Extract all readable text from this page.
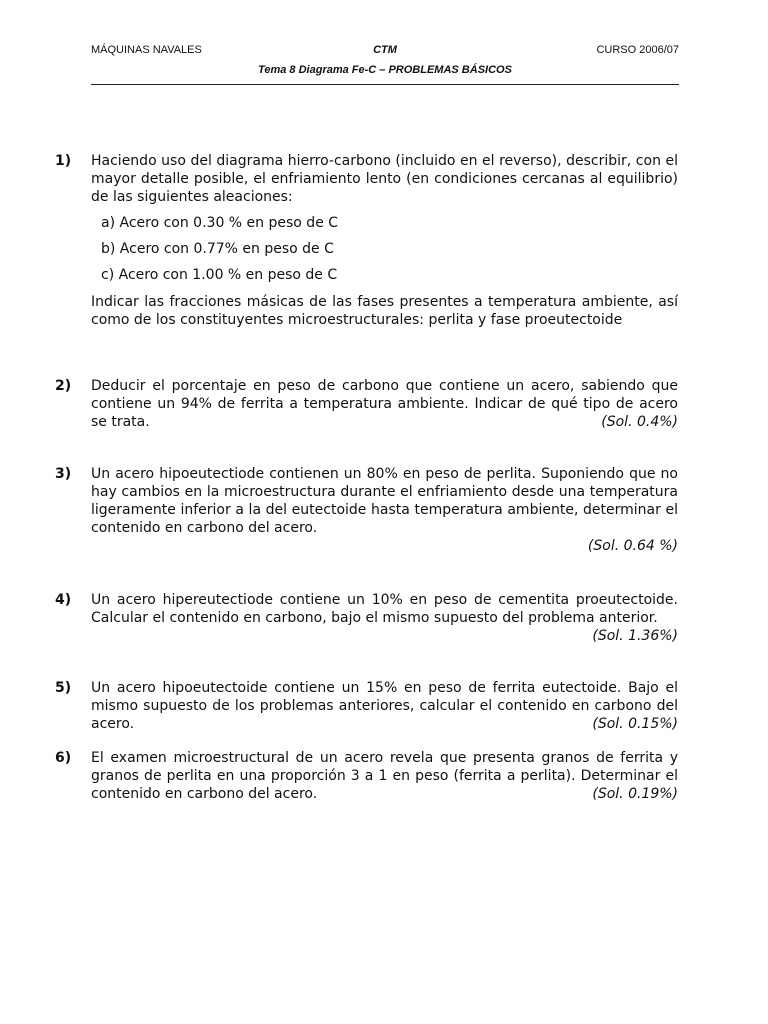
MÁQUINAS NAVALES	CTM	CURSO 2006/07
Tema 8 Diagrama Fe-C – PROBLEMAS BÁSICOS
1) Haciendo uso del diagrama hierro-carbono (incluido en el reverso), describir, con el mayor detalle posible, el enfriamiento lento (en condiciones cercanas al equilibrio) de las siguientes aleaciones:
a) Acero con 0.30 % en peso de C
b) Acero con 0.77% en peso de C
c) Acero con 1.00 % en peso de C
Indicar las fracciones másicas de las fases presentes a temperatura ambiente, así como de los constituyentes microestructurales: perlita y fase proeutectoide
2) Deducir el porcentaje en peso de carbono que contiene un acero, sabiendo que contiene un 94% de ferrita a temperatura ambiente. Indicar de qué tipo de acero se trata.	(Sol. 0.4%)
3) Un acero hipoeutectiode contienen un 80% en peso de perlita. Suponiendo que no hay cambios en la microestructura durante el enfriamiento desde una temperatura ligeramente inferior a la del eutectoide hasta temperatura ambiente, determinar el contenido en carbono del acero.
(Sol. 0.64 %)
4) Un acero hipereutectiode contiene un 10% en peso de cementita proeutectoide. Calcular el contenido en carbono, bajo el mismo supuesto del problema anterior.
(Sol. 1.36%)
5) Un acero hipoeutectoide contiene un 15% en peso de ferrita eutectoide. Bajo el mismo supuesto de los problemas anteriores, calcular el contenido en carbono del acero.	(Sol. 0.15%)
6) El examen microestructural de un acero revela que presenta granos de ferrita y granos de perlita en una proporción 3 a 1 en peso (ferrita a perlita). Determinar el contenido en carbono del acero.	(Sol. 0.19%)
